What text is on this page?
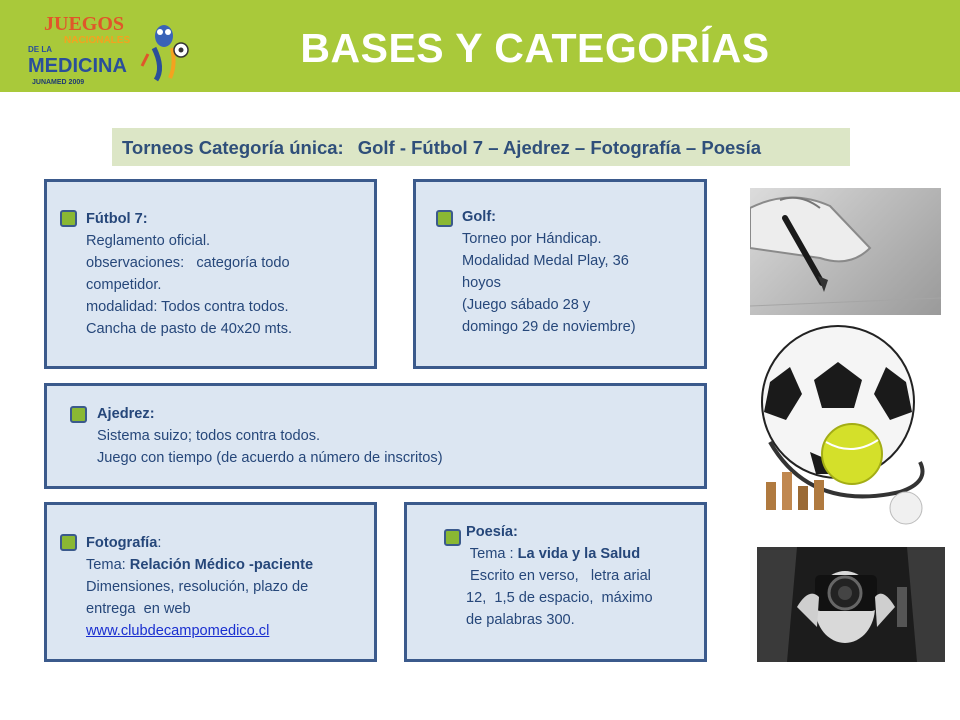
JUEGOS
NACIONALES
DE LA
MEDICINA
JUNAMED 2009
BASES Y CATEGORÍAS
Torneos Categoría única: Golf - Fútbol 7 – Ajedrez – Fotografía – Poesía
Fútbol 7:
Reglamento oficial.
observaciones:   categoría todo
competidor.
modalidad: Todos contra todos.
Cancha de pasto de 40x20 mts.
Golf:
Torneo por Hándicap.
Modalidad Medal Play, 36
hoyos
(Juego sábado 28 y
domingo 29 de noviembre)
Ajedrez:
Sistema suizo; todos contra todos.
Juego con tiempo (de acuerdo a número de inscritos)
Fotografía:
Tema: Relación Médico -paciente
Dimensiones, resolución, plazo de
entrega  en web
www.clubdecampomedico.cl
Poesía:
Tema : La vida y la Salud
Escrito en verso,   letra arial
12,  1,5 de espacio,  máximo
de palabras 300.
